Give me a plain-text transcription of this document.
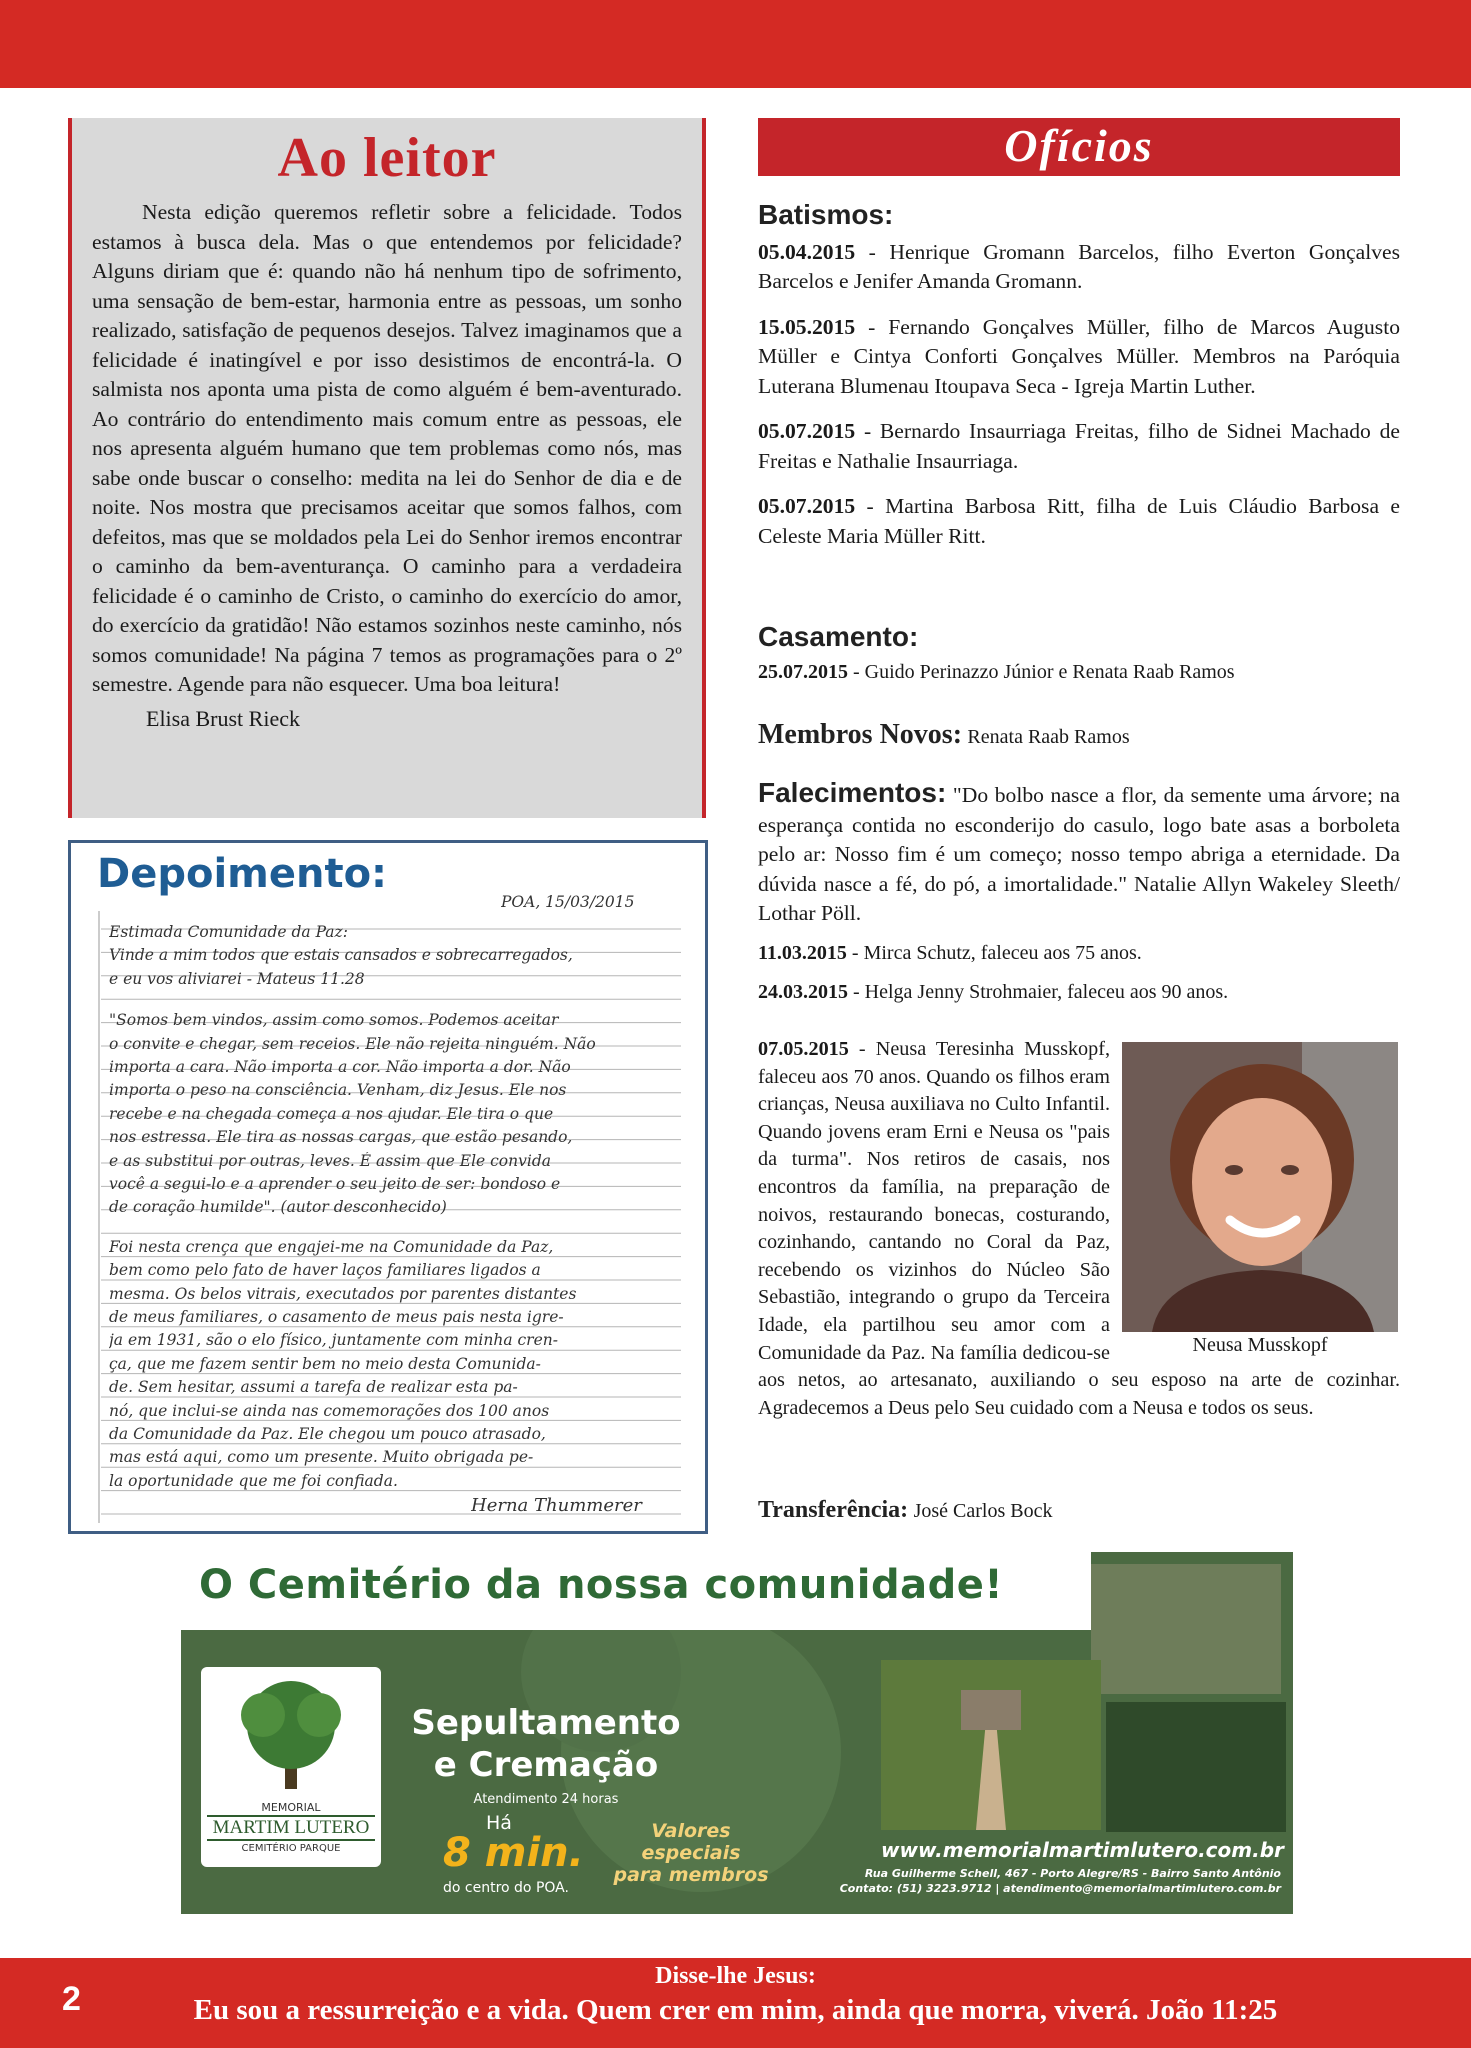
Ao leitor

Nesta edição queremos refletir sobre a felicidade. Todos estamos à busca dela. Mas o que entendemos por felicidade? Alguns diriam que é: quando não há nenhum tipo de sofrimento, uma sensação de bem-estar, harmonia entre as pessoas, um sonho realizado, satisfação de pequenos desejos. Talvez imaginamos que a felicidade é inatingível e por isso desistimos de encontrá-la. O salmista nos aponta uma pista de como alguém é bem-aventurado. Ao contrário do entendimento mais comum entre as pessoas, ele nos apresenta alguém humano que tem problemas como nós, mas sabe onde buscar o conselho: medita na lei do Senhor de dia e de noite. Nos mostra que precisamos aceitar que somos falhos, com defeitos, mas que se moldados pela Lei do Senhor iremos encontrar o caminho da bem-aventurança. O caminho para a verdadeira felicidade é o caminho de Cristo, o caminho do exercício do amor, do exercício da gratidão! Não estamos sozinhos neste caminho, nós somos comunidade! Na página 7 temos as programações para o 2º semestre. Agende para não esquecer. Uma boa leitura!

Elisa Brust Rieck
Depoimento:
POA, 15/03/2015
Estimada Comunidade da Paz:
Vinde a mim todos que estais cansados e sobrecarregados,
e eu vos aliviarei - Mateus 11.28
"Somos bem vindos, assim como somos. Podemos aceitar
o convite e chegar, sem receios. Ele não rejeita ninguém. Não
importa a cara. Não importa a cor. Não importa a dor. Não
importa o peso na consciência. Venham, diz Jesus. Ele nos
recebe e na chegada começa a nos ajudar. Ele tira o que
nos estressa. Ele tira as nossas cargas, que estão pesando,
e as substitui por outras, leves. É assim que Ele convida
você a segui-lo e a aprender o seu jeito de ser: bondoso e
de coração humilde". (autor desconhecido)
Foi nesta crença que engajei-me na Comunidade da Paz,
bem como pelo fato de haver laços familiares ligados a
mesma. Os belos vitrais, executados por parentes distantes
de meus familiares, o casamento de meus pais nesta igre-
ja em 1931, são o elo físico, juntamente com minha cren-
ça, que me fazem sentir bem no meio desta Comunida-
de. Sem hesitar, assumi a tarefa de realizar esta pa-
nó, que inclui-se ainda nas comemorações dos 100 anos
da Comunidade da Paz. Ele chegou um pouco atrasado,
mas está aqui, como um presente. Muito obrigada pe-
la oportunidade que me foi confiada.
Herna Thummerer
Ofícios
Batismos:

05.04.2015 - Henrique Gromann Barcelos, filho Everton Gonçalves Barcelos e Jenifer Amanda Gromann.

15.05.2015 - Fernando Gonçalves Müller, filho de Marcos Augusto Müller e Cintya Conforti Gonçalves Müller. Membros na Paróquia Luterana Blumenau Itoupava Seca - Igreja Martin Luther.

05.07.2015 - Bernardo Insaurriaga Freitas, filho de Sidnei Machado de Freitas e Nathalie Insaurriaga.

05.07.2015 - Martina Barbosa Ritt, filha de Luis Cláudio Barbosa e Celeste Maria Müller Ritt.

Casamento:

25.07.2015 - Guido Perinazzo Júnior e Renata Raab Ramos

Membros Novos: Renata Raab Ramos

Falecimentos: "Do bolbo nasce a flor, da semente uma árvore; na esperança contida no esconderijo do casulo, logo bate asas a borboleta pelo ar: Nosso fim é um começo; nosso tempo abriga a eternidade. Da dúvida nasce a fé, do pó, a imortalidade." Natalie Allyn Wakeley Sleeth/ Lothar Pöll.

11.03.2015 - Mirca Schutz, faleceu aos 75 anos.

24.03.2015 - Helga Jenny Strohmaier, faleceu aos 90 anos.

07.05.2015 - Neusa Teresinha Musskopf, faleceu aos 70 anos. Quando os filhos eram crianças, Neusa auxiliava no Culto Infantil. Quando jovens eram Erni e Neusa os "pais da turma". Nos retiros de casais, nos encontros da família, na preparação de noivos, restaurando bonecas, costurando, cozinhando, cantando no Coral da Paz, recebendo os vizinhos do Núcleo São Sebastião, integrando o grupo da Terceira Idade, ela partilhou seu amor com a Comunidade da Paz. Na família dedicou-se aos netos, ao artesanato, auxiliando o seu esposo na arte de cozinhar. Agradecemos a Deus pelo Seu cuidado com a Neusa e todos os seus.

Neusa Musskopf
Transferência: José Carlos Bock
O Cemitério da nossa comunidade!
MEMORIAL
MARTIM LUTERO
CEMITÉRIO PARQUE
Sepultamento
e Cremação
Atendimento 24 horas
Há
8 min.
do centro do POA.
Valores especiais
para membros
www.memorialmartimlutero.com.br
Rua Guilherme Schell, 467 - Porto Alegre/RS - Bairro Santo Antônio
Contato: (51) 3223.9712 | atendimento@memorialmartimlutero.com.br
2
Disse-lhe Jesus:
Eu sou a ressurreição e a vida. Quem crer em mim, ainda que morra, viverá. João 11:25
